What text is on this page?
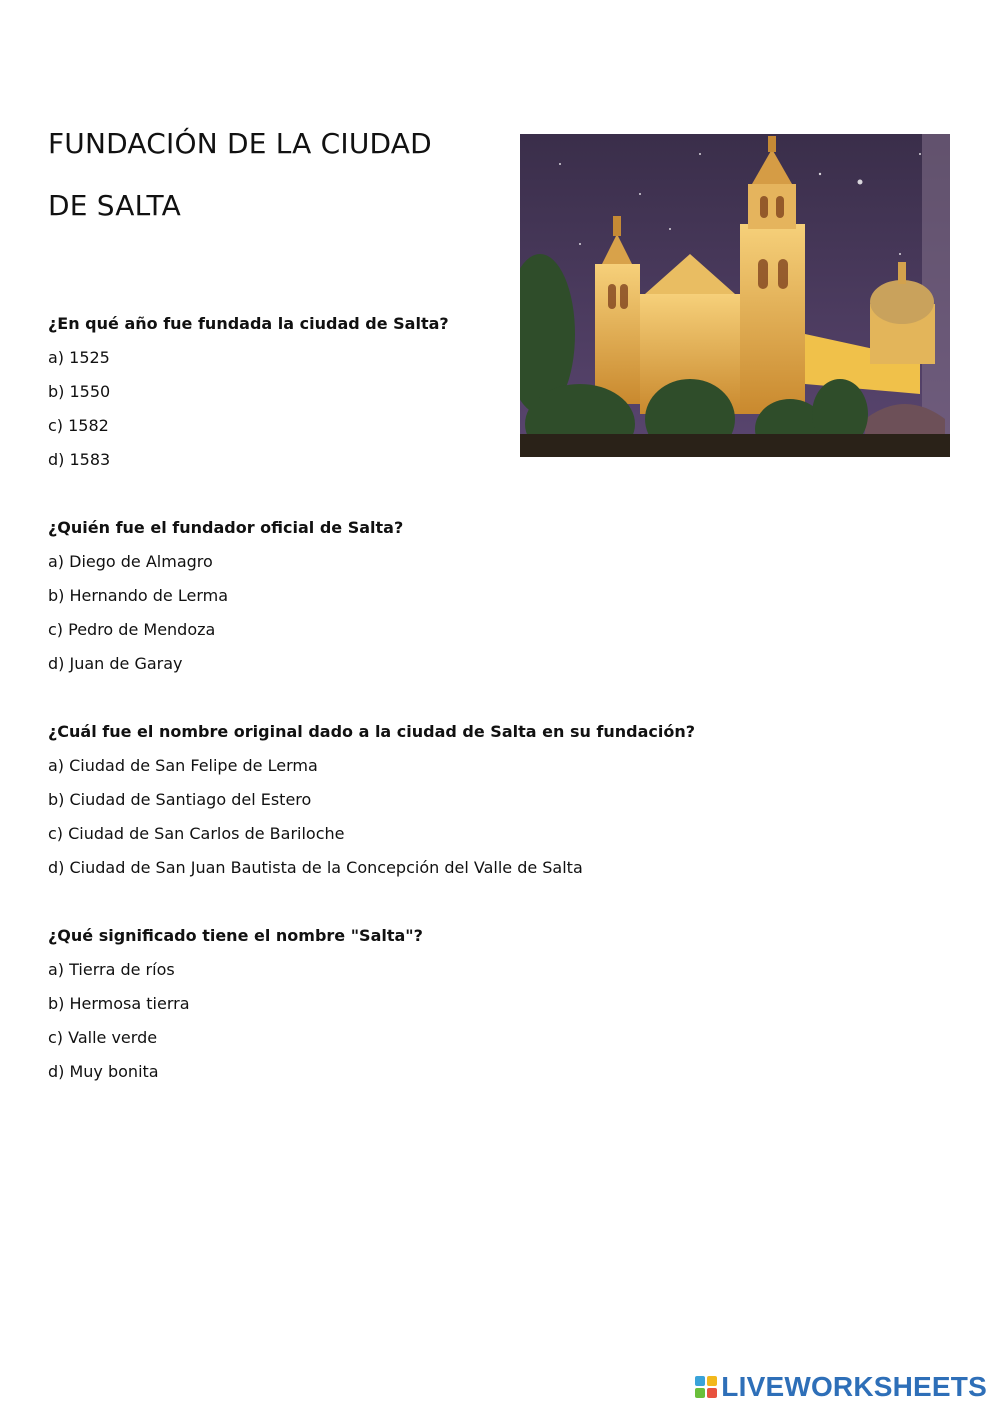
FUNDACIÓN DE LA CIUDAD
DE SALTA

¿En qué año fue fundada la ciudad de Salta?

a) 1525
b) 1550
c) 1582
d) 1583

¿Quién fue el fundador oficial de Salta?

a) Diego de Almagro
b) Hernando de Lerma
c) Pedro de Mendoza
d) Juan de Garay

¿Cuál fue el nombre original dado a la ciudad de Salta en su fundación?

a) Ciudad de San Felipe de Lerma
b) Ciudad de Santiago del Estero
c) Ciudad de San Carlos de Bariloche
d) Ciudad de San Juan Bautista de la Concepción del Valle de Salta

¿Qué significado tiene el nombre "Salta"?

a) Tierra de ríos
b) Hermosa tierra
c) Valle verde
d) Muy bonita
LIVEWORKSHEETS
